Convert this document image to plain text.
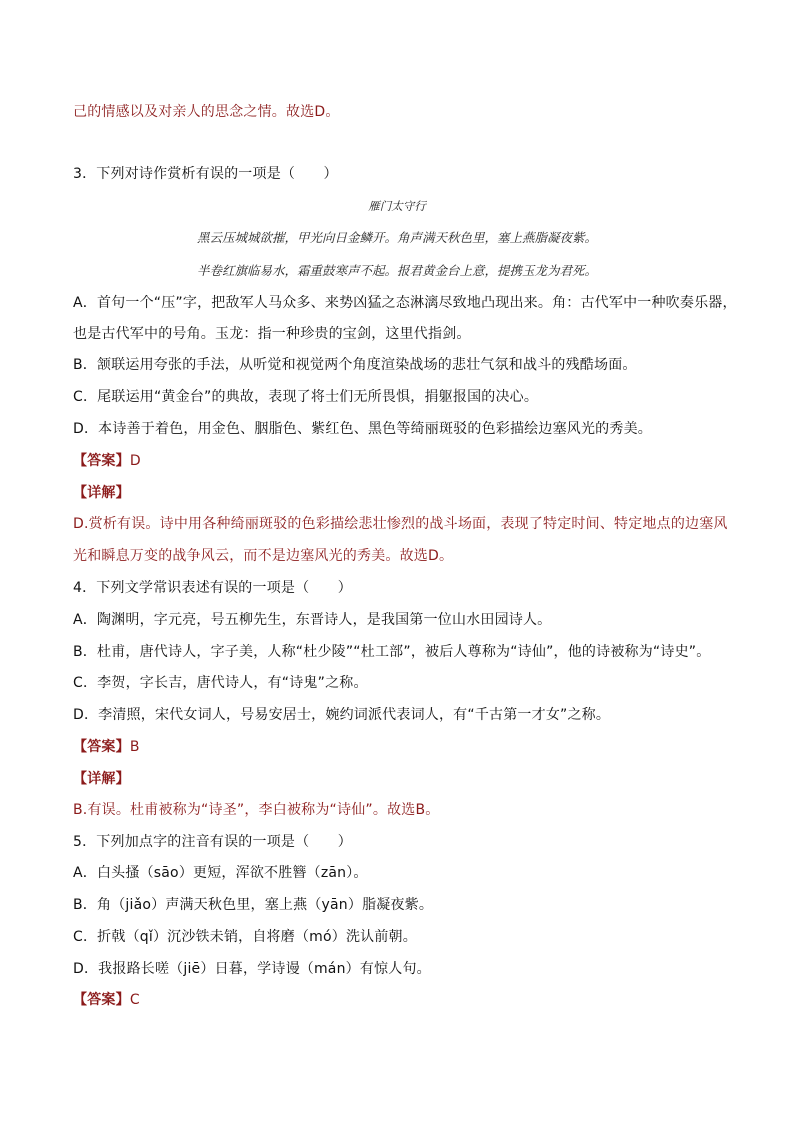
己的情感以及对亲人的思念之情。故选D。
3．下列对诗作赏析有误的一项是（　　）
雁门太守行
黑云压城城欲摧，甲光向日金鳞开。角声满天秋色里，塞上燕脂凝夜紫。
半卷红旗临易水，霜重鼓寒声不起。报君黄金台上意，提携玉龙为君死。
A．首句一个“压”字，把敌军人马众多、来势凶猛之态淋漓尽致地凸现出来。角：古代军中一种吹奏乐器，
也是古代军中的号角。玉龙：指一种珍贵的宝剑，这里代指剑。
B．颔联运用夸张的手法，从听觉和视觉两个角度渲染战场的悲壮气氛和战斗的残酷场面。
C．尾联运用“黄金台”的典故，表现了将士们无所畏惧，捐躯报国的决心。
D．本诗善于着色，用金色、胭脂色、紫红色、黑色等绮丽斑驳的色彩描绘边塞风光的秀美。
【答案】D
【详解】
D.赏析有误。诗中用各种绮丽斑驳的色彩描绘悲壮惨烈的战斗场面，表现了特定时间、特定地点的边塞风
光和瞬息万变的战争风云，而不是边塞风光的秀美。故选D。
4．下列文学常识表述有误的一项是（　　）
A．陶渊明，字元亮，号五柳先生，东晋诗人，是我国第一位山水田园诗人。
B．杜甫，唐代诗人，字子美，人称“杜少陵”“杜工部”，被后人尊称为“诗仙”，他的诗被称为“诗史”。
C．李贺，字长吉，唐代诗人，有“诗鬼”之称。
D．李清照，宋代女词人，号易安居士，婉约词派代表词人，有“千古第一才女”之称。
【答案】B
【详解】
B.有误。杜甫被称为“诗圣”，李白被称为“诗仙”。故选B。
5．下列加点字的注音有误的一项是（　　）
A．白头搔（sāo）更短，浑欲不胜簪（zān）。
B．角（jiǎo）声满天秋色里，塞上燕（yān）脂凝夜紫。
C．折戟（qǐ）沉沙铁未销，自将磨（mó）洗认前朝。
D．我报路长嗟（jiē）日暮，学诗谩（mán）有惊人句。
【答案】C
